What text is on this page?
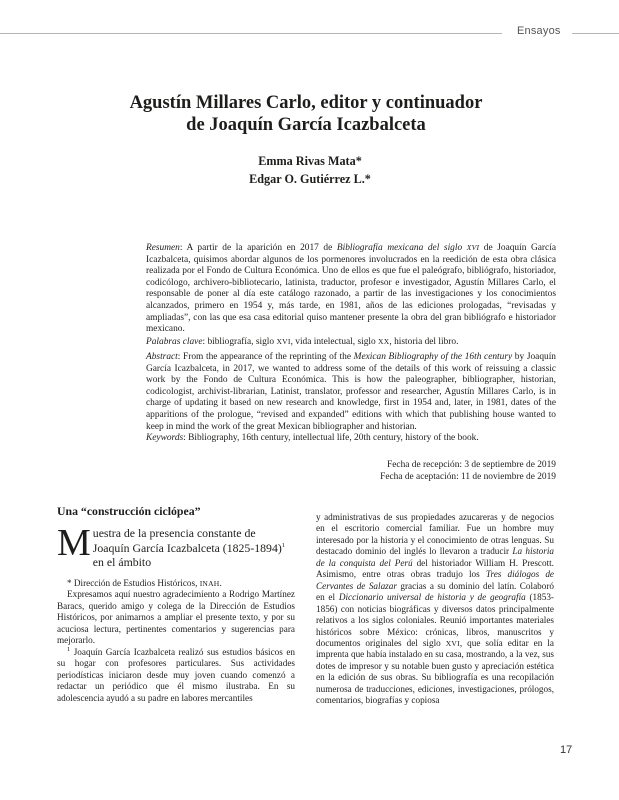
Ensayos
Agustín Millares Carlo, editor y continuador
de Joaquín García Icazbalceta
Emma Rivas Mata*
Edgar O. Gutiérrez L.*

Resumen: A partir de la aparición en 2017 de Bibliografía mexicana del siglo XVI de Joaquín García Icazbalceta, quisimos abordar algunos de los pormenores involucrados en la reedición de esta obra clásica realizada por el Fondo de Cultura Económica. Uno de ellos es que fue el paleógrafo, bibliógrafo, historiador, codicólogo, archivero-bibliotecario, latinista, traductor, profesor e investigador, Agustín Millares Carlo, el responsable de poner al día este catálogo razonado, a partir de las investigaciones y los conocimientos alcanzados, primero en 1954 y, más tarde, en 1981, años de las ediciones prologadas, “revisadas y ampliadas”, con las que esa casa editorial quiso mantener presente la obra del gran bibliógrafo e historiador mexicano.

Palabras clave: bibliografía, siglo XVI, vida intelectual, siglo XX, historia del libro.

Abstract: From the appearance of the reprinting of the Mexican Bibliography of the 16th century by Joaquín García Icazbalceta, in 2017, we wanted to address some of the details of this work of reissuing a classic work by the Fondo de Cultura Económica. This is how the paleographer, bibliographer, historian, codicologist, archivist-librarian, Latinist, translator, professor and researcher, Agustín Millares Carlo, is in charge of updating it based on new research and knowledge, first in 1954 and, later, in 1981, dates of the apparitions of the prologue, “revised and expanded” editions with which that publishing house wanted to keep in mind the work of the great Mexican bibliographer and historian.

Keywords: Bibliography, 16th century, intellectual life, 20th century, history of the book.

Fecha de recepción: 3 de septiembre de 2019
Fecha de aceptación: 11 de noviembre de 2019
Una “construcción ciclópea”
Muestra de la presencia constante de Joaquín García Icazbalceta (1825-1894)$^1$ en el ámbito

* Dirección de Estudios Históricos, INAH.

Expresamos aquí nuestro agradecimiento a Rodrigo Martínez Baracs, querido amigo y colega de la Dirección de Estudios Históricos, por animarnos a ampliar el presente texto, y por su acuciosa lectura, pertinentes comentarios y sugerencias para mejorarlo.

$^1$ Joaquín García Icazbalceta realizó sus estudios básicos en su hogar con profesores particulares. Sus actividades periodísticas iniciaron desde muy joven cuando comenzó a redactar un periódico que él mismo ilustraba. En su adolescencia ayudó a su padre en labores mercantiles

y administrativas de sus propiedades azucareras y de negocios en el escritorio comercial familiar. Fue un hombre muy interesado por la historia y el conocimiento de otras lenguas. Su destacado dominio del inglés lo llevaron a traducir La historia de la conquista del Perú del historiador William H. Prescott. Asimismo, entre otras obras tradujo los Tres diálogos de Cervantes de Salazar gracias a su dominio del latín. Colaboró en el Diccionario universal de historia y de geografía (1853-1856) con noticias biográficas y diversos datos principalmente relativos a los siglos coloniales. Reunió importantes materiales históricos sobre México: crónicas, libros, manuscritos y documentos originales del siglo XVI, que solía editar en la imprenta que había instalado en su casa, mostrando, a la vez, sus dotes de impresor y su notable buen gusto y apreciación estética en la edición de sus obras. Su bibliografía es una recopilación numerosa de traducciones, ediciones, investigaciones, prólogos, comentarios, biografías y copiosa

17
